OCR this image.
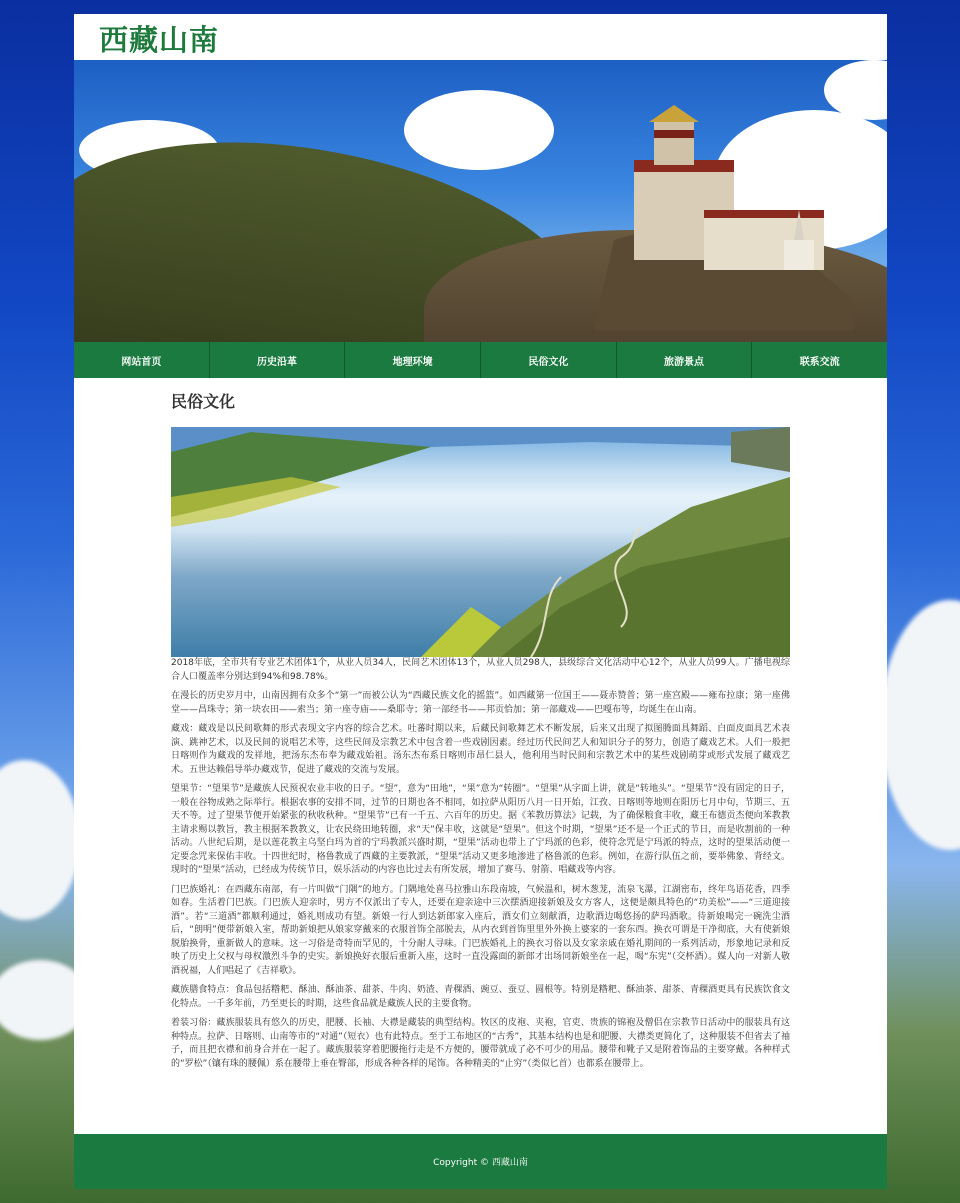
西藏山南
网站首页	历史沿革	地理环境	民俗文化	旅游景点	联系交流
民俗文化

2018年底，全市共有专业艺术团体1个，从业人员34人，民间艺术团体13个，从业人员298人，县级综合文化活动中心12个，从业人员99人。广播电视综合人口覆盖率分别达到94%和98.78%。

在漫长的历史岁月中，山南因拥有众多个“第一”而被公认为“西藏民族文化的摇篮”。如西藏第一位国王——聂赤赞普；第一座宫殿——雍布拉康；第一座佛堂——昌珠寺；第一块农田——索当；第一座寺庙——桑耶寺；第一部经书——邦贡恰加；第一部藏戏——巴嘎布等，均诞生在山南。

藏戏：藏戏是以民间歌舞的形式表现文字内容的综合艺术。吐蕃时期以来，后藏民间歌舞艺术不断发展，后来又出现了拟图腾面具舞蹈、白面皮面具艺术表演、跳神艺术，以及民间的说唱艺术等，这些民间及宗教艺术中包含着一些戏剧因素。经过历代民间艺人和知识分子的努力，创造了藏戏艺术。人们一般把日喀则作为藏戏的发祥地，把汤东杰布奉为藏戏始祖。汤东杰布系日喀则市昂仁县人，他利用当时民间和宗教艺术中的某些戏剧萌芽或形式发展了藏戏艺术。五世达赖倡导举办藏戏节，促进了藏戏的交流与发展。

望果节：“望果节”是藏族人民预祝农业丰收的日子。“望”，意为“田地”，“果”意为“转圈”。“望果”从字面上讲，就是“转地头”。“望果节”没有固定的日子，一般在谷物成熟之际举行。根据农事的安排不同，过节的日期也各不相同，如拉萨从阳历八月一日开始，江孜、日喀则等地则在阳历七月中旬，节期三、五天不等。过了望果节便开始紧张的秋收秋种。“望果节”已有一千五、六百年的历史。据《苯教历算法》记载，为了确保粮食丰收，藏王布德贡杰便向苯教教主请求赐以教旨，教主根据苯教教义，让农民绕田地转圈，求“天”保丰收，这就是“望果”。但这个时期，“望果”还不是一个正式的节日，而是收割前的一种活动。八世纪后期，是以莲花教主乌坚白玛为首的宁玛教派兴盛时期，“望果”活动也带上了宁玛派的色彩，使符念咒是宁玛派的特点，这时的望果活动便一定要念咒来保佑丰收。十四世纪时，格鲁教成了西藏的主要教派，“望果”活动又更多地渗进了格鲁派的色彩。例如，在游行队伍之前，要举佛象、背经文。现时的“望果”活动，已经成为传统节日，娱乐活动的内容也比过去有所发展，增加了赛马、射箭、唱藏戏等内容。

门巴族婚礼：在西藏东南部，有一片叫做“门隅”的地方。门隅地处喜马拉雅山东段南坡，气候温和，树木葱茏，流泉飞瀑，江湖密布，终年鸟语花香，四季如春。生活着门巴族。门巴族人迎亲时，男方不仅派出了专人，还要在迎亲途中三次摆酒迎接新娘及女方客人，这便是颇具特色的“功美松”——“三道迎接酒”。若“三道酒”都顺利通过，婚礼则成功有望。新娘一行人到达新郎家入座后，酒女们立刻献酒，边歌酒边喝悠扬的萨玛酒歌。待新娘喝完一碗洗尘酒后，“朗明”便带新娘入室，帮助新娘把从娘家穿戴来的衣服首饰全部脱去，从内衣到首饰里里外外换上婆家的一套东西。换衣可谓是干净彻底，大有使新娘脱胎换骨，重新做人的意味。这一习俗是奇特而罕见的，十分耐人寻味。门巴族婚礼上的换衣习俗以及女家亲戚在婚礼期间的一系列活动，形象地记录和反映了历史上父权与母权激烈斗争的史实。新娘换好衣服后重新入座，这时一直没露面的新郎才出场同新娘坐在一起，喝“东宪”（交杯酒）。媒人向一对新人敬酒祝福，人们唱起了《吉祥歌》。

藏族膳食特点：食品包括糌粑、酥油、酥油茶、甜茶、牛肉、奶渣、青稞酒、豌豆、蚕豆、圆根等。特别是糌粑、酥油茶、甜茶、青稞酒更具有民族饮食文化特点。一千多年前，乃至更长的时期，这些食品就是藏族人民的主要食物。

着装习俗：藏族服装具有悠久的历史，肥腰、长袖、大襟是藏装的典型结构。牧区的皮袍、夹袍，官吏、贵族的锦袍及僧侣在宗教节日活动中的服装具有这种特点。拉萨、日喀则、山南等市的“对通”（短衣）也有此特点。至于工布地区的“古秀”，其基本结构也是和肥腰、大襟类更简化了，这种服装不但省去了袖子，而且把衣襟和前身合并在一起了。藏族服装穿着肥腰拖行走是不方便的，腰带就成了必不可少的用品。腰带和靴子又是附着饰品的主要穿戴。各种样式的“罗松”（镶有珠的腰佩）系在腰带上垂在臀部，形成各种各样的尾饰。各种精美的“止穷”（类似匕首）也都系在腰带上。

Copyright © 西藏山南
